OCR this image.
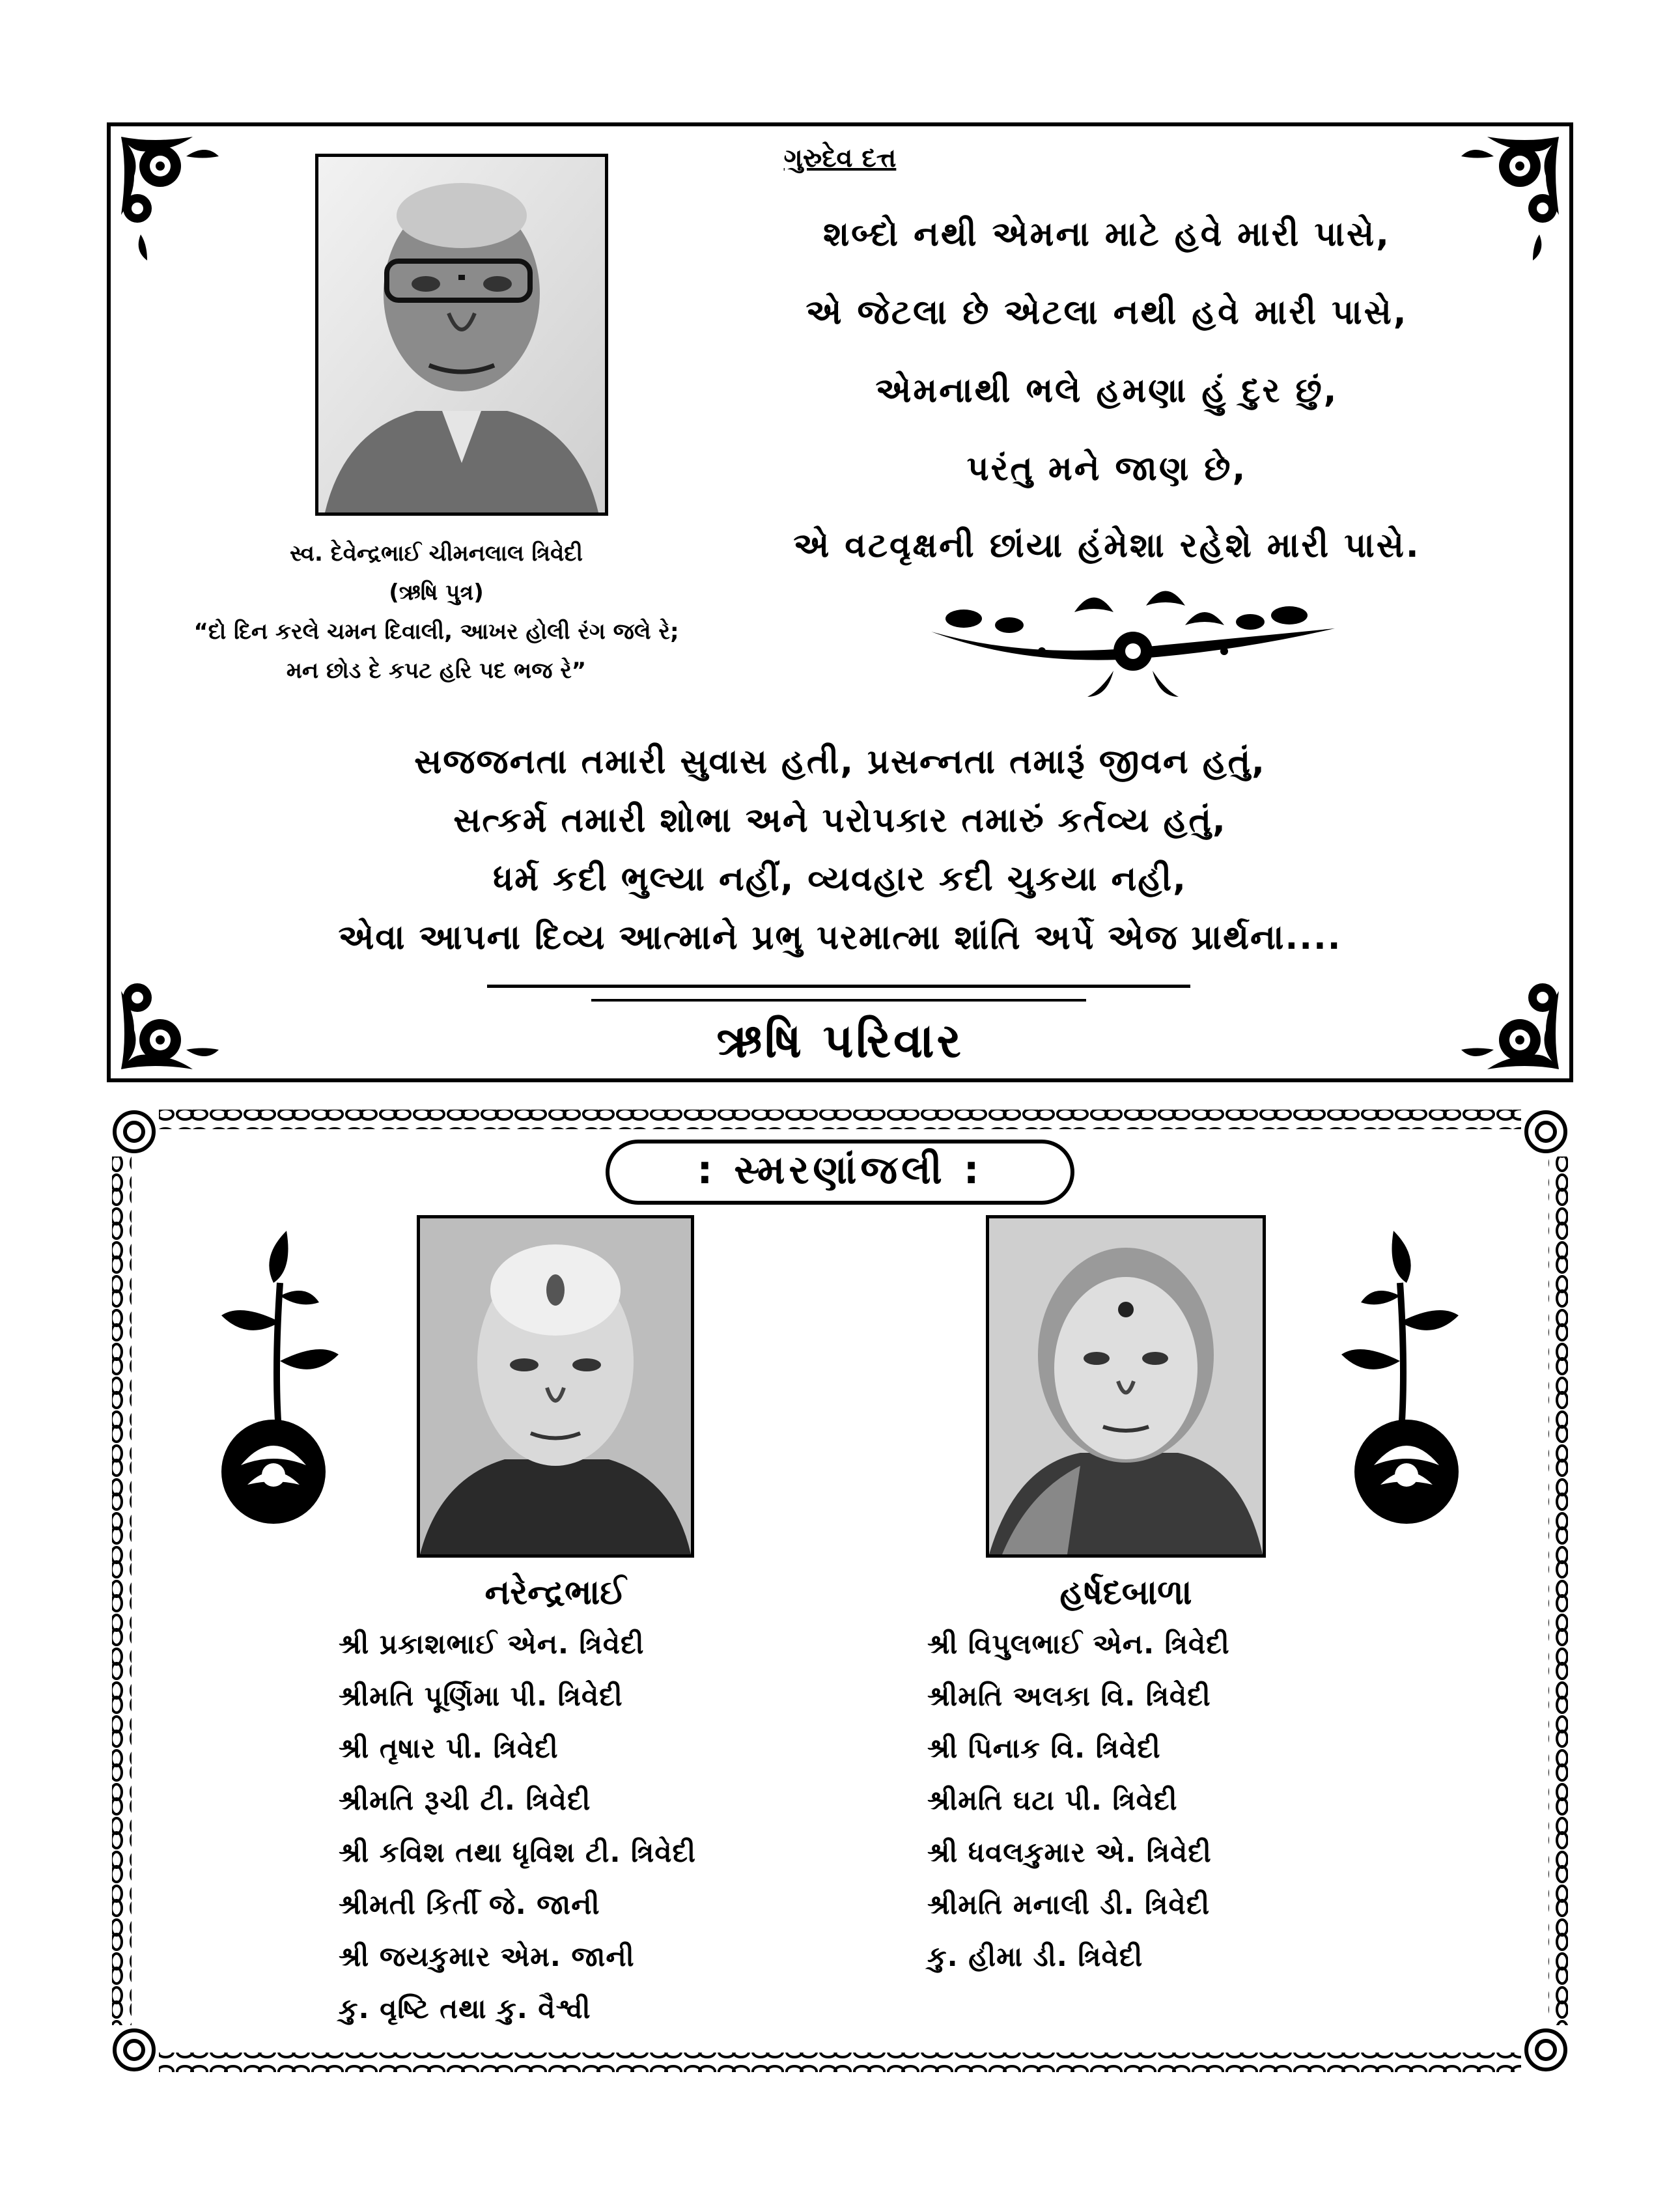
ગુરુદેવ દત્ત
સ્વ. દેવેન્દ્રભાઈ ચીમનલાલ ત્રિવેદી
(ઋષિ પુત્ર)
“દો દિન કરલે ચમન દિવાલી, આખર હોલી રંગ જલે રે;
મન છોડ દે કપટ હરિ પદ ભજ રે”
શબ્દો નથી એમના માટે હવે મારી પાસે,
એ જેટલા છે એટલા નથી હવે મારી પાસે,
એમનાથી ભલે હમણા હું દુર છું,
પરંતુ મને જાણ છે,
એ વટવૃક્ષની છાંયા હંમેશા રહેશે મારી પાસે.
સજજનતા તમારી સુવાસ હતી, પ્રસન્નતા તમારૂં જીવન હતું,
સત્કર્મ તમારી શોભા અને પરોપકાર તમારું કર્તવ્ય હતું,
ધર્મ કદી ભુલ્યા નહીં, વ્યવહાર કદી ચુકયા નહી,
એવા આપના દિવ્ય આત્માને પ્રભુ પરમાત્મા શાંતિ અર્પે એજ પ્રાર્થના....
ઋષિ પરિવાર
: સ્મરણાંજલી :
નરેન્દ્રભાઈ	હર્ષદબાળા
શ્રી પ્રકાશભાઈ એન. ત્રિવેદી
શ્રીમતિ પૂર્ણિમા પી. ત્રિવેદી
શ્રી તૃષાર પી. ત્રિવેદી
શ્રીમતિ રૂચી ટી. ત્રિવેદી
શ્રી કવિશ તથા ધૃવિશ ટી. ત્રિવેદી
શ્રીમતી કિર્તી જે. જાની
શ્રી જયકુમાર એમ. જાની
કુ. વૃષ્ટિ તથા કુ. વૈશ્વી
શ્રી વિપુલભાઈ એન. ત્રિવેદી
શ્રીમતિ અલકા વિ. ત્રિવેદી
શ્રી પિનાક વિ. ત્રિવેદી
શ્રીમતિ ઘટા પી. ત્રિવેદી
શ્રી ધવલકુમાર એ. ત્રિવેદી
શ્રીમતિ મનાલી ડી. ત્રિવેદી
કુ. હીમા ડી. ત્રિવેદી
